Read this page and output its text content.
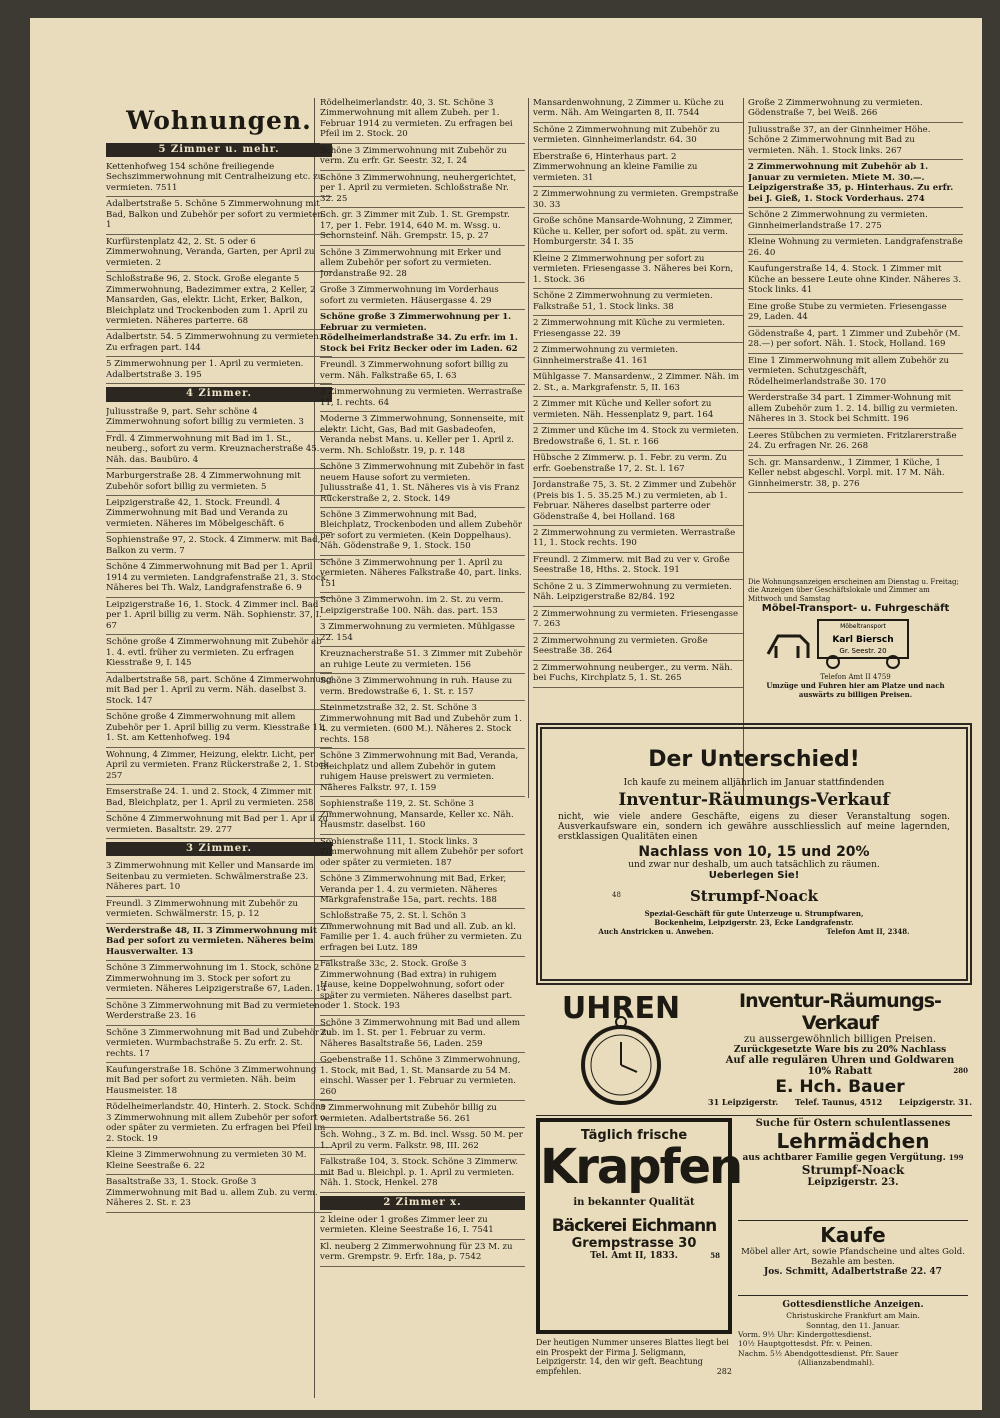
Wohnungen.
5 Zimmer u. mehr.
Kettenhofweg 154 schöne freiliegende Sechszimmerwohnung mit Centralheizung etc. zu vermieten. 7511
Adalbertstraße 5. Schöne 5 Zimmerwohnung mit Bad, Balkon und Zubehör per sofort zu vermieten. 1
Kurfürstenplatz 42, 2. St. 5 oder 6 Zimmerwohnung, Veranda, Garten, per April zu vermieten. 2
Schloßstraße 96, 2. Stock. Große elegante 5 Zimmerwohnung, Badezimmer extra, 2 Keller, 2 Mansarden, Gas, elektr. Licht, Erker, Balkon, Bleichplatz und Trockenboden zum 1. April zu vermieten. Näheres parterre. 68
Adalbertstr. 54. 5 Zimmerwohnung zu vermieten. Zu erfragen part. 144
5 Zimmerwohnung per 1. April zu vermieten. Adalbertstraße 3. 195
4 Zimmer.
Juliusstraße 9, part. Sehr schöne 4 Zimmerwohnung sofort billig zu vermieten. 3
Frdl. 4 Zimmerwohnung mit Bad im 1. St., neuberg., sofort zu verm. Kreuznacherstraße 45. Näh. das. Baubüro. 4
Marburgerstraße 28. 4 Zimmerwohnung mit Zubehör sofort billig zu vermieten. 5
Leipzigerstraße 42, 1. Stock. Freundl. 4 Zimmerwohnung mit Bad und Veranda zu vermieten. Näheres im Möbelgeschäft. 6
Sophienstraße 97, 2. Stock. 4 Zimmerw. mit Bad, Balkon zu verm. 7
Schöne 4 Zimmerwohnung mit Bad per 1. April 1914 zu vermieten. Landgrafenstraße 21, 3. Stock. Näheres bei Th. Walz, Landgrafenstraße 6. 9
Leipzigerstraße 16, 1. Stock. 4 Zimmer incl. Bad per 1. April billig zu verm. Näh. Sophienstr. 37, I. 67
Schöne große 4 Zimmerwohnung mit Zubehör ab 1. 4. evtl. früher zu vermieten. Zu erfragen Kiesstraße 9, I. 145
Adalbertstraße 58, part. Schöne 4 Zimmerwohnung mit Bad per 1. April zu verm. Näh. daselbst 3. Stock. 147
Schöne große 4 Zimmerwohnung mit allem Zubehör per 1. April billig zu verm. Kiesstraße 11, 1. St. am Kettenhofweg. 194
Wohnung, 4 Zimmer, Heizung, elektr. Licht, per April zu vermieten. Franz Rückerstraße 2, 1. Stock. 257
Emserstraße 24. 1. und 2. Stock, 4 Zimmer mit Bad, Bleichplatz, per 1. April zu vermieten. 258
Schöne 4 Zimmerwohnung mit Bad per 1. Apr il zu vermieten. Basaltstr. 29. 277
3 Zimmer.
3 Zimmerwohnung mit Keller und Mansarde im Seitenbau zu vermieten. Schwälmerstraße 23. Näheres part. 10
Freundl. 3 Zimmerwohnung mit Zubehör zu vermieten. Schwälmerstr. 15, p. 12
Werderstraße 48, II. 3 Zimmerwohnung mit Bad per sofort zu vermieten. Näheres beim Hausverwalter. 13
Schöne 3 Zimmerwohnung im 1. Stock, schöne 2 Zimmerwohnung im 3. Stock per sofort zu vermieten. Näheres Leipzigerstraße 67, Laden. 14
Schöne 3 Zimmerwohnung mit Bad zu vermieten Werderstraße 23. 16
Schöne 3 Zimmerwohnung mit Bad und Zubehör zu vermieten. Wurmbachstraße 5. Zu erfr. 2. St. rechts. 17
Kaufungerstraße 18. Schöne 3 Zimmerwohnung mit Bad per sofort zu vermieten. Näh. beim Hausmeister. 18
Rödelheimerlandstr. 40, Hinterh. 2. Stock. Schöne 3 Zimmerwohnung mit allem Zubehör per sofort o. oder später zu vermieten. Zu erfragen bei Pfeil im 2. Stock. 19
Kleine 3 Zimmerwohnung zu vermieten 30 M. Kleine Seestraße 6. 22
Basaltstraße 33, 1. Stock. Große 3 Zimmerwohnung mit Bad u. allem Zub. zu verm. Näheres 2. St. r. 23
Rödelheimerlandstr. 40, 3. St. Schöne 3 Zimmerwohnung mit allem Zubeh. per 1. Februar 1914 zu vermieten. Zu erfragen bei Pfeil im 2. Stock. 20
Schöne 3 Zimmerwohnung mit Zubehör zu verm. Zu erfr. Gr. Seestr. 32, I. 24
Schöne 3 Zimmerwohnung, neuhergerichtet, per 1. April zu vermieten. Schloßstraße Nr. 32. 25
Sch. gr. 3 Zimmer mit Zub. 1. St. Grempstr. 17, per 1. Febr. 1914, 640 M. m. Wssg. u. Schornsteinf. Näh. Grempstr. 15, p. 27
Schöne 3 Zimmerwohnung mit Erker und allem Zubehör per sofort zu vermieten. Jordanstraße 92. 28
Große 3 Zimmerwohnung im Vorderhaus sofort zu vermieten. Häusergasse 4. 29
Schöne große 3 Zimmerwohnung per 1. Februar zu vermieten. Rödelheimerlandstraße 34. Zu erfr. im 1. Stock bei Fritz Becker oder im Laden. 62
Freundl. 3 Zimmerwohnung sofort billig zu verm. Näh. Falkstraße 65, I. 63
3 Zimmerwohnung zu vermieten. Werrastraße 11, I. rechts. 64
Moderne 3 Zimmerwohnung, Sonnenseite, mit elektr. Licht, Gas, Bad mit Gasbadeofen, Veranda nebst Mans. u. Keller per 1. April z. verm. Nh. Schloßstr. 19, p. r. 148
Schöne 3 Zimmerwohnung mit Zubehör in fast neuem Hause sofort zu vermieten. Juliusstraße 41, 1. St. Näheres vis à vis Franz Rückerstraße 2, 2. Stock. 149
Schöne 3 Zimmerwohnung mit Bad, Bleichplatz, Trockenboden und allem Zubehör per sofort zu vermieten. (Kein Doppelhaus). Näh. Gödenstraße 9, 1. Stock. 150
Schöne 3 Zimmerwohnung per 1. April zu vermieten. Näheres Falkstraße 40, part. links. 151
Schöne 3 Zimmerwohn. im 2. St. zu verm. Leipzigerstraße 100. Näh. das. part. 153
3 Zimmerwohnung zu vermieten. Mühlgasse 22. 154
Kreuznacherstraße 51. 3 Zimmer mit Zubehör an ruhige Leute zu vermieten. 156
Schöne 3 Zimmerwohnung in ruh. Hause zu verm. Bredowstraße 6, 1. St. r. 157
Steinmetzstraße 32, 2. St. Schöne 3 Zimmerwohnung mit Bad und Zubehör zum 1. 4. zu vermieten. (600 M.). Näheres 2. Stock rechts. 158
Schöne 3 Zimmerwohnung mit Bad, Veranda, Bleichplatz und allem Zubehör in gutem ruhigem Hause preiswert zu vermieten. Näheres Falkstr. 97, I. 159
Sophienstraße 119, 2. St. Schöne 3 Zimmerwohnung, Mansarde, Keller xc. Näh. Hausmstr. daselbst. 160
Sophienstraße 111, 1. Stock links. 3 Zimmerwohnung mit allem Zubehör per sofort oder später zu vermieten. 187
Schöne 3 Zimmerwohnung mit Bad, Erker, Veranda per 1. 4. zu vermieten. Näheres Markgrafenstraße 15a, part. rechts. 188
Schloßstraße 75, 2. St. l. Schön 3 Zimmerwohnung mit Bad und all. Zub. an kl. Familie per 1. 4. auch früher zu vermieten. Zu erfragen bei Lutz. 189
Falkstraße 33c, 2. Stock. Große 3 Zimmerwohnung (Bad extra) in ruhigem Hause, keine Doppelwohnung, sofort oder später zu vermieten. Näheres daselbst part. oder 1. Stock. 193
Schöne 3 Zimmerwohnung mit Bad und allem Zub. im 1. St. per 1. Februar zu verm. Näheres Basaltstraße 56, Laden. 259
Goebenstraße 11. Schöne 3 Zimmerwohnung, 1. Stock, mit Bad, 1. St. Mansarde zu 54 M. einschl. Wasser per 1. Februar zu vermieten. 260
3 Zimmerwohnung mit Zubehör billig zu vermieten. Adalbertstraße 56. 261
Sch. Wohng., 3 Z. m. Bd. incl. Wssg. 50 M. per 1. April zu verm. Falkstr. 98, III. 262
Falkstraße 104, 3. Stock. Schöne 3 Zimmerw. mit Bad u. Bleichpl. p. 1. April zu vermieten. Näh. 1. Stock, Henkel. 278
2 Zimmer x.
2 kleine oder 1 großes Zimmer leer zu vermieten. Kleine Seestraße 16, I. 7541
Kl. neuberg 2 Zimmerwohnung für 23 M. zu verm. Grempstr. 9. Erfr. 18a, p. 7542
Mansardenwohnung, 2 Zimmer u. Küche zu verm. Näh. Am Weingarten 8, II. 7544
Schöne 2 Zimmerwohnung mit Zubehör zu vermieten. Ginnheimerlandstr. 64. 30
Eberstraße 6, Hinterhaus part. 2 Zimmerwohnung an kleine Familie zu vermieten. 31
2 Zimmerwohnung zu vermieten. Grempstraße 30. 33
Große schöne Mansarde-Wohnung, 2 Zimmer, Küche u. Keller, per sofort od. spät. zu verm. Homburgerstr. 34 I. 35
Kleine 2 Zimmerwohnung per sofort zu vermieten. Friesengasse 3. Näheres bei Korn, 1. Stock. 36
Schöne 2 Zimmerwohnung zu vermieten. Falkstraße 51, 1. Stock links. 38
2 Zimmerwohnung mit Küche zu vermieten. Friesengasse 22. 39
2 Zimmerwohnung zu vermieten. Ginnheimerstraße 41. 161
Mühlgasse 7. Mansardenw., 2 Zimmer. Näh. im 2. St., a. Markgrafenstr. 5, II. 163
2 Zimmer mit Küche und Keller sofort zu vermieten. Näh. Hessenplatz 9, part. 164
2 Zimmer und Küche im 4. Stock zu vermieten. Bredowstraße 6, 1. St. r. 166
Hübsche 2 Zimmerw. p. 1. Febr. zu verm. Zu erfr. Goebenstraße 17, 2. St. l. 167
Jordanstraße 75, 3. St. 2 Zimmer und Zubehör (Preis bis 1. 5. 35.25 M.) zu vermieten, ab 1. Februar. Näheres daselbst parterre oder Gödenstraße 4, bei Holland. 168
2 Zimmerwohnung zu vermieten. Werrastraße 11, 1. Stock rechts. 190
Freundl. 2 Zimmerw. mit Bad zu ver v. Große Seestraße 18, Hths. 2. Stock. 191
Schöne 2 u. 3 Zimmerwohnung zu vermieten. Näh. Leipzigerstraße 82/84. 192
2 Zimmerwohnung zu vermieten. Friesengasse 7. 263
2 Zimmerwohnung zu vermieten. Große Seestraße 38. 264
2 Zimmerwohnung neuberger., zu verm. Näh. bei Fuchs, Kirchplatz 5, 1. St. 265
Große 2 Zimmerwohnung zu vermieten. Gödenstraße 7, bei Weiß. 266
Juliusstraße 37, an der Ginnheimer Höhe. Schöne 2 Zimmerwohnung mit Bad zu vermieten. Näh. 1. Stock links. 267
2 Zimmerwohnung mit Zubehör ab 1. Januar zu vermieten. Miete M. 30.—. Leipzigerstraße 35, p. Hinterhaus. Zu erfr. bei J. Gieß, 1. Stock Vorderhaus. 274
Schöne 2 Zimmerwohnung zu vermieten. Ginnheimerlandstraße 17. 275
Kleine Wohnung zu vermieten. Landgrafenstraße 26. 40
Kaufungerstraße 14, 4. Stock. 1 Zimmer mit Küche an bessere Leute ohne Kinder. Näheres 3. Stock links. 41
Eine große Stube zu vermieten. Friesengasse 29, Laden. 44
Gödenstraße 4, part. 1 Zimmer und Zubehör (M. 28.—) per sofort. Näh. 1. Stock, Holland. 169
Eine 1 Zimmerwohnung mit allem Zubehör zu vermieten. Schutzgeschäft, Rödelheimerlandstraße 30. 170
Werderstraße 34 part. 1 Zimmer-Wohnung mit allem Zubehör zum 1. 2. 14. billig zu vermieten. Näheres in 3. Stock bei Schmitt. 196
Leeres Stübchen zu vermieten. Fritzlarerstraße 24. Zu erfragen Nr. 26. 268
Sch. gr. Mansardenw., 1 Zimmer, 1 Küche, 1 Keller nebst abgeschl. Vorpl. mit. 17 M. Näh. Ginnheimerstr. 38, p. 276
Die Wohnungsanzeigen erscheinen am Dienstag u. Freitag; die Anzeigen über Geschäftslokale und Zimmer am Mittwoch und Samstag
Möbel-Transport- u. Fuhrgeschäft
Möbeltransport
Karl Biersch
Gr. Seestr. 20
Telefon Amt II 4759
Umzüge und Fuhren hier am Platze und nach auswärts zu billigen Preisen.
Der Unterschied!
Ich kaufe zu meinem alljährlich im Januar stattfindenden
Inventur-Räumungs-Verkauf
nicht, wie viele andere Geschäfte, eigens zu dieser Veranstaltung sogen. Ausverkaufsware ein, sondern ich gewähre ausschliesslich auf meine lagernden, erstklassigen Qualitäten einen
Nachlass von 10, 15 und 20%
und zwar nur deshalb, um auch tatsächlich zu räumen.
Ueberlegen Sie!
48	Strumpf-Noack
Spezial-Geschäft für gute Unterzeuge u. Strumpfwaren,
Bockenheim, Leipzigerstr. 23, Ecke Landgrafenstr.
Auch Anstricken u. Anweben.	Telefon Amt II, 2348.
UHREN	Inventur-Räumungs-Verkauf
zu aussergewöhnlich billigen Preisen.
Zurückgesetzte Ware bis zu 20% Nachlass
Auf alle regulären Uhren und Goldwaren
10% Rabatt	280
E. Hch. Bauer
31 Leipzigerstr. Telef. Taunus, 4512 Leipzigerstr. 31.
Täglich frische
Krapfen
in bekannter Qualität
Bäckerei Eichmann
Grempstrasse 30
Tel. Amt II, 1833.	58
Der heutigen Nummer unseres Blattes liegt bei ein Prospekt der Firma J. Seligmann, Leipzigerstr. 14, den wir geft. Beachtung empfehlen.	282
Suche für Ostern schulentlassenes
Lehrmädchen
aus achtbarer Familie gegen Vergütung. 199
Strumpf-Noack
Leipzigerstr. 23.
Kaufe
Möbel aller Art, sowie Pfandscheine und altes Gold. Bezahle am besten.
Jos. Schmitt, Adalbertstraße 22. 47
Gottesdienstliche Anzeigen.
Christuskirche Frankfurt am Main.
Sonntag, den 11. Januar.
Vorm. 9½ Uhr: Kindergottesdienst.
10½ Hauptgottesdst. Pfr. v. Peinen.
Nachm. 5½ Abendgottesdienst. Pfr. Sauer
(Allianzabendmahl).
